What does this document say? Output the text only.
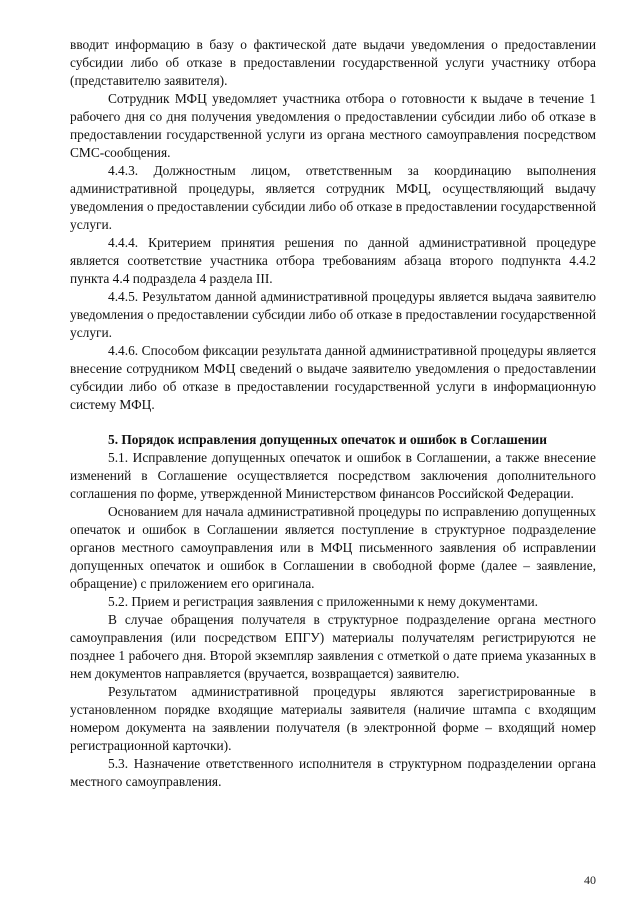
вводит информацию в базу о фактической дате выдачи уведомления о предоставлении субсидии либо об отказе в предоставлении государственной услуги участнику отбора (представителю заявителя).

Сотрудник МФЦ уведомляет участника отбора о готовности к выдаче в течение 1 рабочего дня со дня получения уведомления о предоставлении субсидии либо об отказе в предоставлении государственной услуги из органа местного самоуправления посредством СМС-сообщения.

4.4.3. Должностным лицом, ответственным за координацию выполнения административной процедуры, является сотрудник МФЦ, осуществляющий выдачу уведомления о предоставлении субсидии либо об отказе в предоставлении государственной услуги.

4.4.4. Критерием принятия решения по данной административной процедуре является соответствие участника отбора требованиям абзаца второго подпункта 4.4.2 пункта 4.4 подраздела 4 раздела III.

4.4.5. Результатом данной административной процедуры является выдача заявителю уведомления о предоставлении субсидии либо об отказе в предоставлении государственной услуги.

4.4.6. Способом фиксации результата данной административной процедуры является внесение сотрудником МФЦ сведений о выдаче заявителю уведомления о предоставлении субсидии либо об отказе в предоставлении государственной услуги в информационную систему МФЦ.

5. Порядок исправления допущенных опечаток и ошибок в Соглашении

5.1. Исправление допущенных опечаток и ошибок в Соглашении, а также внесение изменений в Соглашение осуществляется посредством заключения дополнительного соглашения по форме, утвержденной Министерством финансов Российской Федерации.

Основанием для начала административной процедуры по исправлению допущенных опечаток и ошибок в Соглашении является поступление в структурное подразделение органов местного самоуправления или в МФЦ письменного заявления об исправлении допущенных опечаток и ошибок в Соглашении в свободной форме (далее – заявление, обращение) с приложением его оригинала.

5.2. Прием и регистрация заявления с приложенными к нему документами.

В случае обращения получателя в структурное подразделение органа местного самоуправления (или посредством ЕПГУ) материалы получателям регистрируются не позднее 1 рабочего дня. Второй экземпляр заявления с отметкой о дате приема указанных в нем документов направляется (вручается, возвращается) заявителю.

Результатом административной процедуры являются зарегистрированные в установленном порядке входящие материалы заявителя (наличие штампа с входящим номером документа на заявлении получателя (в электронной форме – входящий номер регистрационной карточки).

5.3. Назначение ответственного исполнителя в структурном подразделении органа местного самоуправления.

40
